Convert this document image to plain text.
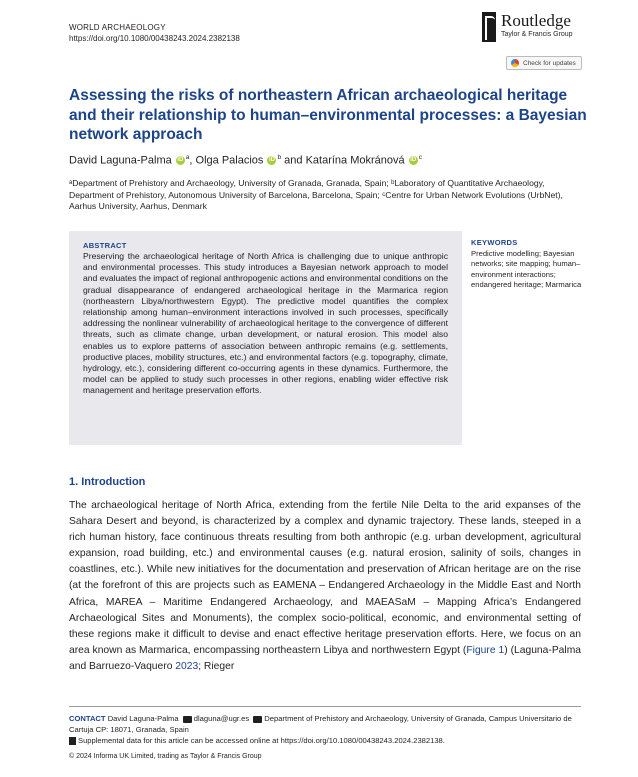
WORLD ARCHAEOLOGY
https://doi.org/10.1080/00438243.2024.2382138
Routledge
Taylor & Francis Group
Check for updates
Assessing the risks of northeastern African archaeological heritage and their relationship to human–environmental processes: a Bayesian network approach
David Laguna-Palma iD $^a$, Olga Palacios iD $^b$ and Katarína Mokránová iD $^c$

ᵃDepartment of Prehistory and Archaeology, University of Granada, Granada, Spain; ᵇLaboratory of Quantitative Archaeology, Department of Prehistory, Autonomous University of Barcelona, Barcelona, Spain; ᶜCentre for Urban Network Evolutions (UrbNet), Aarhus University, Aarhus, Denmark

ABSTRACT

Preserving the archaeological heritage of North Africa is challenging due to unique anthropic and environmental processes. This study introduces a Bayesian network approach to model and evaluates the impact of regional anthropogenic actions and environmental conditions on the gradual disappearance of endangered archaeological heritage in the Marmarica region (northeastern Libya/northwestern Egypt). The predictive model quantifies the complex relationship among human–environment interactions involved in such processes, specifically addressing the nonlinear vulnerability of archaeological heritage to the convergence of different threats, such as climate change, urban development, or natural erosion. This model also enables us to explore patterns of association between anthropic remains (e.g. settlements, productive places, mobility structures, etc.) and environmental factors (e.g. topography, climate, hydrology, etc.), considering different co-occurring agents in these dynamics. Furthermore, the model can be applied to study such processes in other regions, enabling wider effective risk management and heritage preservation efforts.

KEYWORDS

Predictive modelling; Bayesian networks; site mapping; human–environment interactions; endangered heritage; Marmarica

1. Introduction

The archaeological heritage of North Africa, extending from the fertile Nile Delta to the arid expanses of the Sahara Desert and beyond, is characterized by a complex and dynamic trajectory. These lands, steeped in a rich human history, face continuous threats resulting from both anthropic (e.g. urban development, agricultural expansion, road building, etc.) and environmental causes (e.g. natural erosion, salinity of soils, changes in coastlines, etc.). While new initiatives for the documentation and preservation of African heritage are on the rise (at the forefront of this are projects such as EAMENA – Endangered Archaeology in the Middle East and North Africa, MAREA – Maritime Endangered Archaeology, and MAEASaM – Mapping Africa’s Endangered Archaeological Sites and Monuments), the complex socio-political, economic, and environmental setting of these regions make it difficult to devise and enact effective heritage preservation efforts. Here, we focus on an area known as Marmarica, encompassing northeastern Libya and northwestern Egypt (Figure 1) (Laguna-Palma and Barruezo-Vaquero 2023; Rieger

CONTACT David Laguna-Palma dlaguna@ugr.es Department of Prehistory and Archaeology, University of Granada, Campus Universitario de Cartuja CP: 18071, Granada, Spain
Supplemental data for this article can be accessed online at https://doi.org/10.1080/00438243.2024.2382138.
© 2024 Informa UK Limited, trading as Taylor & Francis Group
